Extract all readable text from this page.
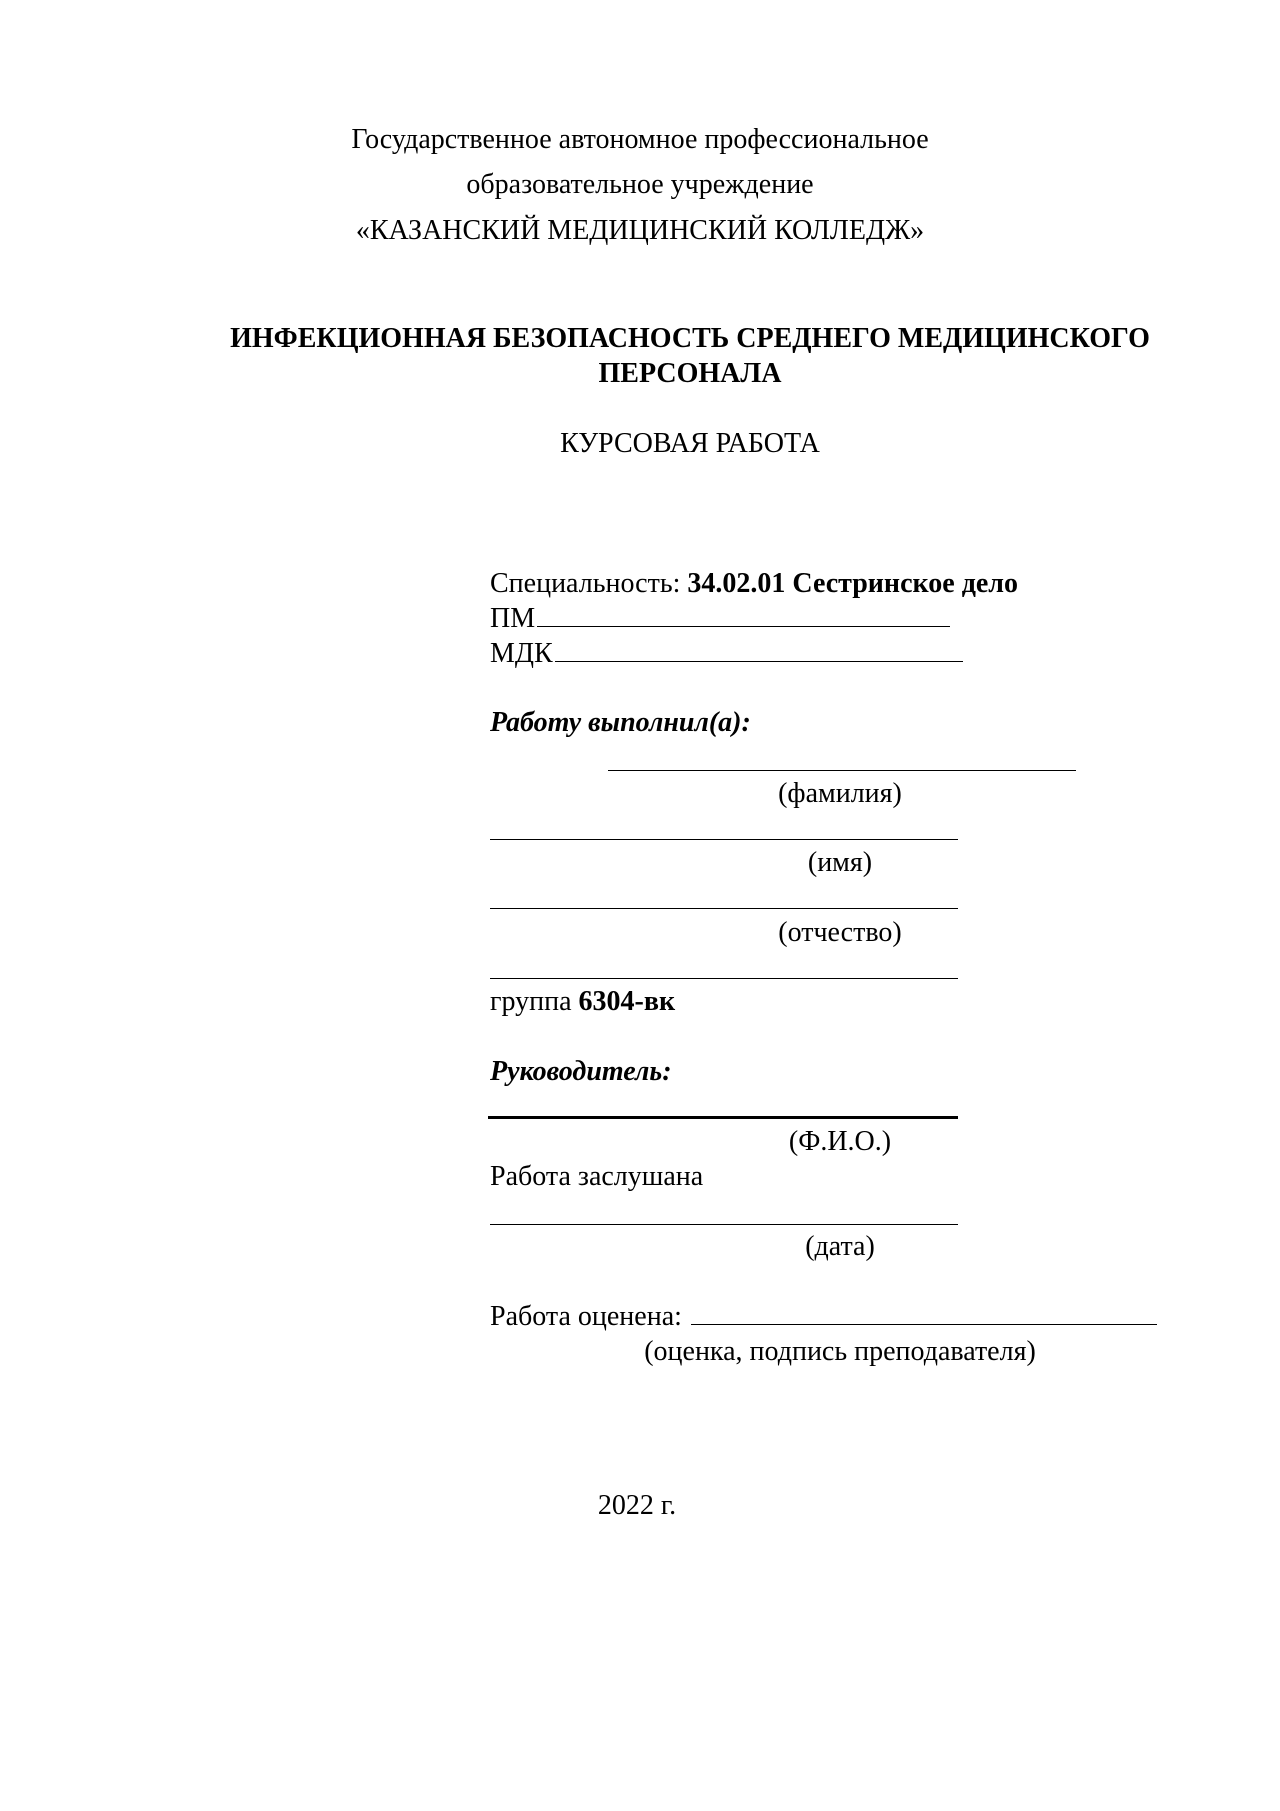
Государственное автономное профессиональное
образовательное учреждение
«КАЗАНСКИЙ МЕДИЦИНСКИЙ КОЛЛЕДЖ»
ИНФЕКЦИОННАЯ БЕЗОПАСНОСТЬ СРЕДНЕГО МЕДИЦИНСКОГО
ПЕРСОНАЛА
КУРСОВАЯ РАБОТА
Специальность: 34.02.01 Сестринское дело
ПМ
МДК
Работу выполнил(а):
(фамилия)
(имя)
(отчество)
группа 6304-вк
Руководитель:
(Ф.И.О.)
Работа заслушана
(дата)
Работа оценена:
(оценка, подпись преподавателя)
2022 г.
